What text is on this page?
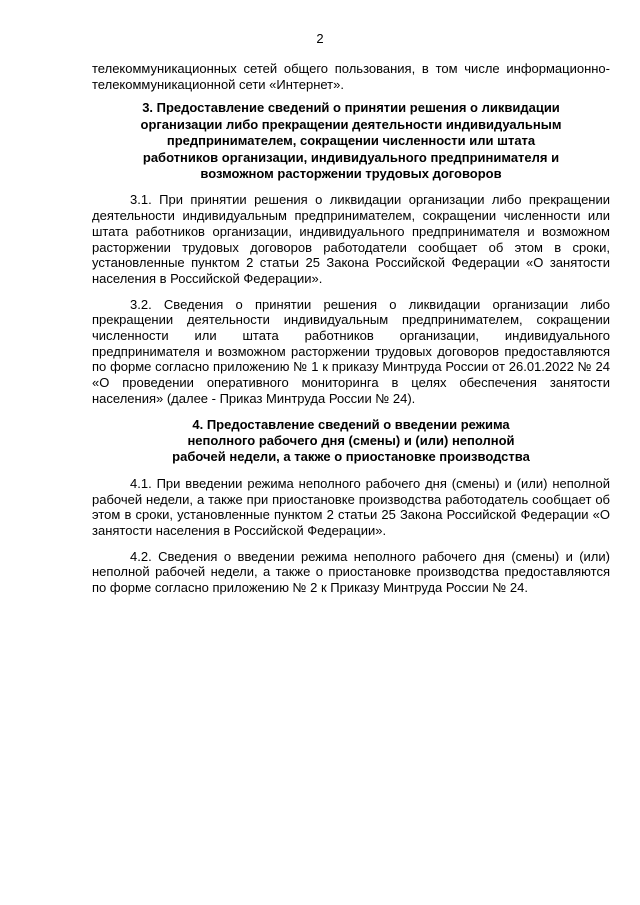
2

телекоммуникационных сетей общего пользования, в том числе информационно-телекоммуникационной сети «Интернет».

3. Предоставление сведений о принятии решения о ликвидации
организации либо прекращении деятельности индивидуальным
предпринимателем, сокращении численности или штата
работников организации, индивидуального предпринимателя и
возможном расторжении трудовых договоров

3.1. При принятии решения о ликвидации организации либо прекращении деятельности индивидуальным предпринимателем, сокращении численности или штата работников организации, индивидуального предпринимателя и возможном расторжении трудовых договоров работодатели сообщает об этом в сроки, установленные пунктом 2 статьи 25 Закона Российской Федерации «О занятости населения в Российской Федерации».

3.2. Сведения о принятии решения о ликвидации организации либо прекращении деятельности индивидуальным предпринимателем, сокращении численности или штата работников организации, индивидуального предпринимателя и возможном расторжении трудовых договоров предоставляются по форме согласно приложению № 1 к приказу Минтруда России от 26.01.2022 № 24 «О проведении оперативного мониторинга в целях обеспечения занятости населения» (далее - Приказ Минтруда России № 24).

4. Предоставление сведений о введении режима
неполного рабочего дня (смены) и (или) неполной
рабочей недели, а также о приостановке производства

4.1. При введении режима неполного рабочего дня (смены) и (или) неполной рабочей недели, а также при приостановке производства работодатель сообщает об этом в сроки, установленные пунктом 2 статьи 25 Закона Российской Федерации «О занятости населения в Российской Федерации».

4.2. Сведения о введении режима неполного рабочего дня (смены) и (или) неполной рабочей недели, а также о приостановке производства предоставляются по форме согласно приложению № 2 к Приказу Минтруда России № 24.
